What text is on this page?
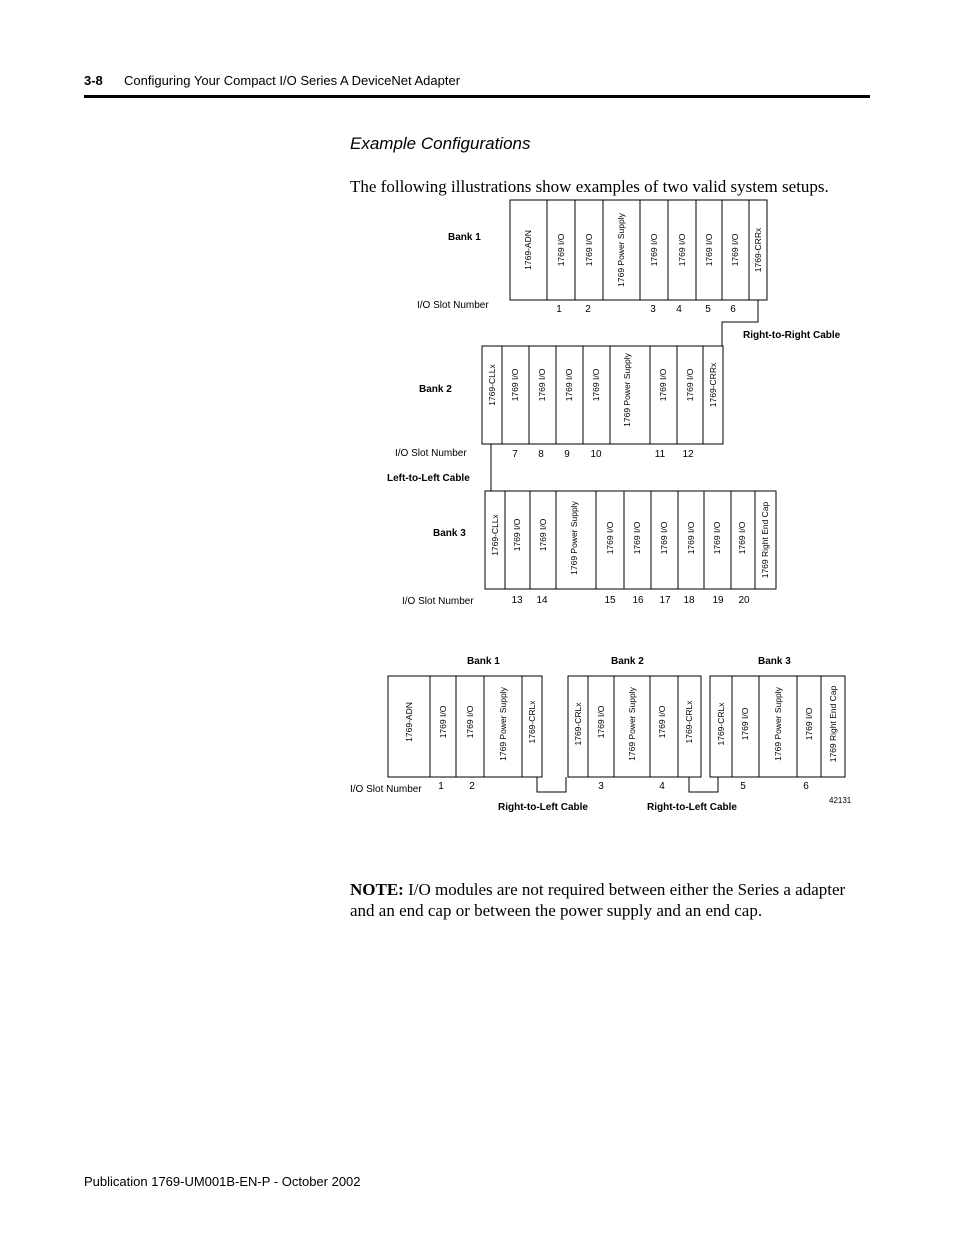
3-8 Configuring Your Compact I/O Series A DeviceNet Adapter
Example Configurations
The following illustrations show examples of two valid system setups.
Bank 1
Bank 2
Bank 3
I/O Slot Number
I/O Slot Number
I/O Slot Number
Right-to-Right Cable
Left-to-Left Cable
1769-ADN	1769 I/O 1769 I/O	1769 Power Supply	1769 I/O 1769 I/O 1769 I/O 1769 I/O 1769-CRRx
1769-CLLx 1769 I/O 1769 I/O 1769 I/O 1769 I/O 1769 Power Supply	1769 I/O 1769 I/O 1769-CRRx
1769-CLLx 1769 I/O 1769 I/O 1769 Power Supply	1769 I/O 1769 I/O 1769 I/O 1769 I/O 1769 I/O 1769 I/O 1769 Right End Cap
1 2	3 4 5 6
7 8 9 10	11 12
13 14	15 16 17 18 19 20
Bank 1	Bank 2	Bank 3
I/O Slot Number
Right-to-Left Cable	Right-to-Left Cable
42131
1769-ADN	1769 I/O 1769 I/O	1769 Power Supply 1769-CRLx	1769-CRLx 1769 I/O 1769 Power Supply 1769 I/O 1769-CRLx	1769-CRLx 1769 I/O	1769 Power Supply 1769 I/O 1769 Right End Cap
1	2	3	4	5	6
NOTE: I/O modules are not required between either the Series a adapter and an end cap or between the power supply and an end cap.
Publication 1769-UM001B-EN-P - October 2002
